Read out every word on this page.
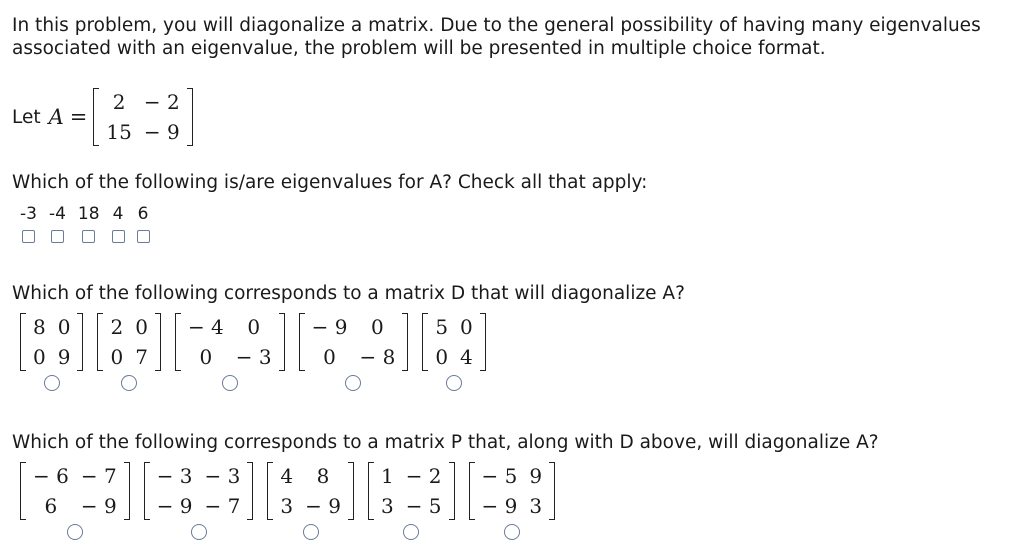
In this problem, you will diagonalize a matrix. Due to the general possibility of having many eigenvalues associated with an eigenvalue, the problem will be presented in multiple choice format.
Let A =
2	− 2
15	− 9
Which of the following is/are eigenvalues for A? Check all that apply:
-3 -4 18 4 6
Which of the following corresponds to a matrix D that will diagonalize A?
8	0
0	9
2	0
0	7
− 4	0
0	− 3
− 9	0
0	− 8
5	0
0	4
Which of the following corresponds to a matrix P that, along with D above, will diagonalize A?
− 6	− 7
6	− 9
− 3	− 3
− 9	− 7
4	8
3	− 9
1	− 2
3	− 5
− 5	9
− 9	3
